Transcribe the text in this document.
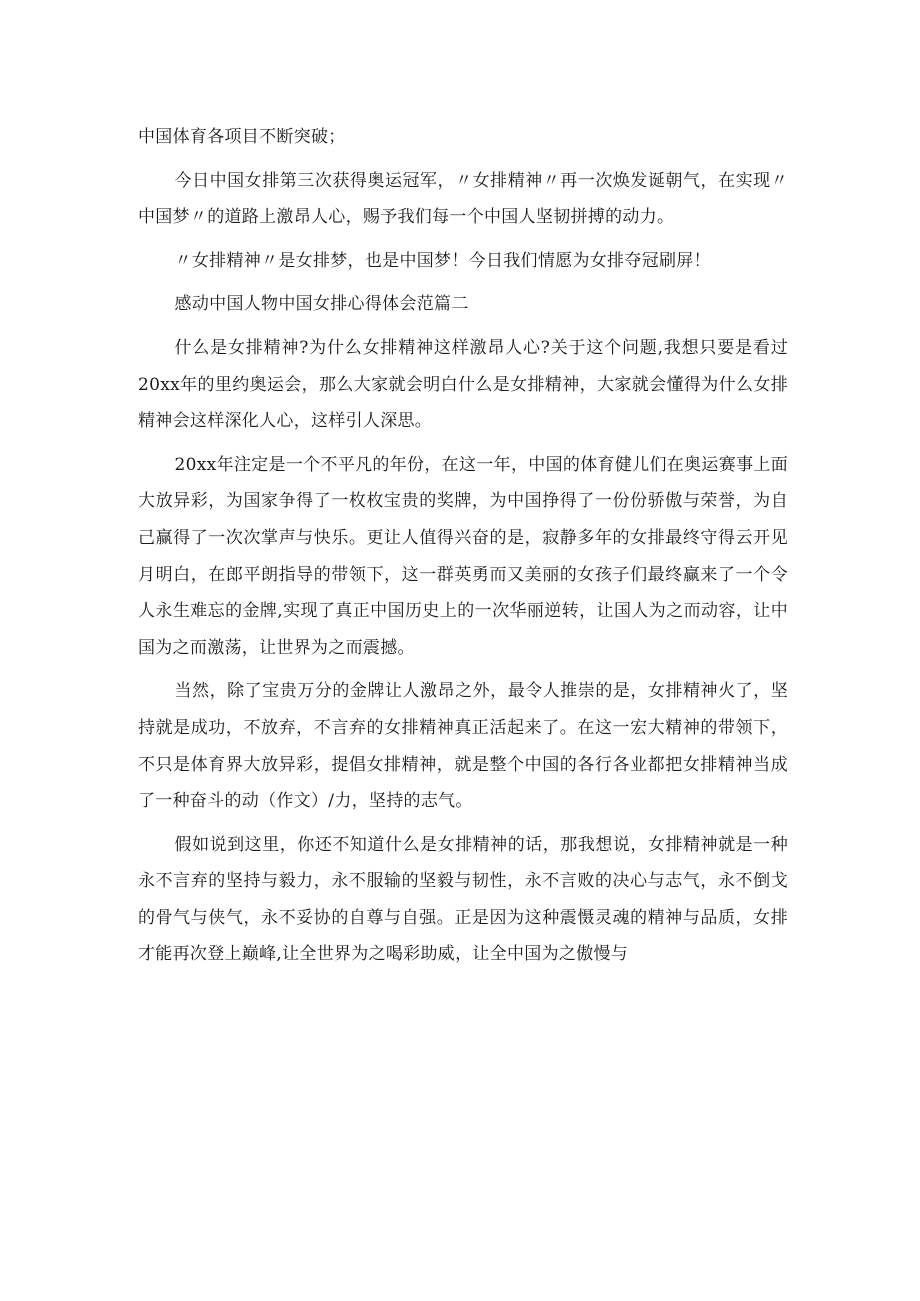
中国体育各项目不断突破；

今日中国女排第三次获得奥运冠军，〃女排精神〃再一次焕发诞朝气，在实现〃中国梦〃的道路上激昂人心，赐予我们每一个中国人坚韧拼搏的动力。

〃女排精神〃是女排梦，也是中国梦！今日我们情愿为女排夺冠刷屏！

感动中国人物中国女排心得体会范篇二

什么是女排精神?为什么女排精神这样激昂人心?关于这个问题,我想只要是看过20xx年的里约奥运会，那么大家就会明白什么是女排精神，大家就会懂得为什么女排精神会这样深化人心，这样引人深思。

20xx年注定是一个不平凡的年份，在这一年，中国的体育健儿们在奥运赛事上面大放异彩，为国家争得了一枚枚宝贵的奖牌，为中国挣得了一份份骄傲与荣誉，为自己赢得了一次次掌声与快乐。更让人值得兴奋的是，寂静多年的女排最终守得云开见月明白，在郎平朗指导的带领下，这一群英勇而又美丽的女孩子们最终赢来了一个令人永生难忘的金牌,实现了真正中国历史上的一次华丽逆转，让国人为之而动容，让中国为之而激荡，让世界为之而震撼。

当然，除了宝贵万分的金牌让人激昂之外，最令人推崇的是，女排精神火了，坚持就是成功，不放弃，不言弃的女排精神真正活起来了。在这一宏大精神的带领下，不只是体育界大放异彩，提倡女排精神，就是整个中国的各行各业都把女排精神当成了一种奋斗的动（作文）/力，坚持的志气。

假如说到这里，你还不知道什么是女排精神的话，那我想说，女排精神就是一种永不言弃的坚持与毅力，永不服输的坚毅与韧性，永不言败的决心与志气，永不倒戈的骨气与侠气，永不妥协的自尊与自强。正是因为这种震慑灵魂的精神与品质，女排才能再次登上巅峰,让全世界为之喝彩助威，让全中国为之傲慢与
